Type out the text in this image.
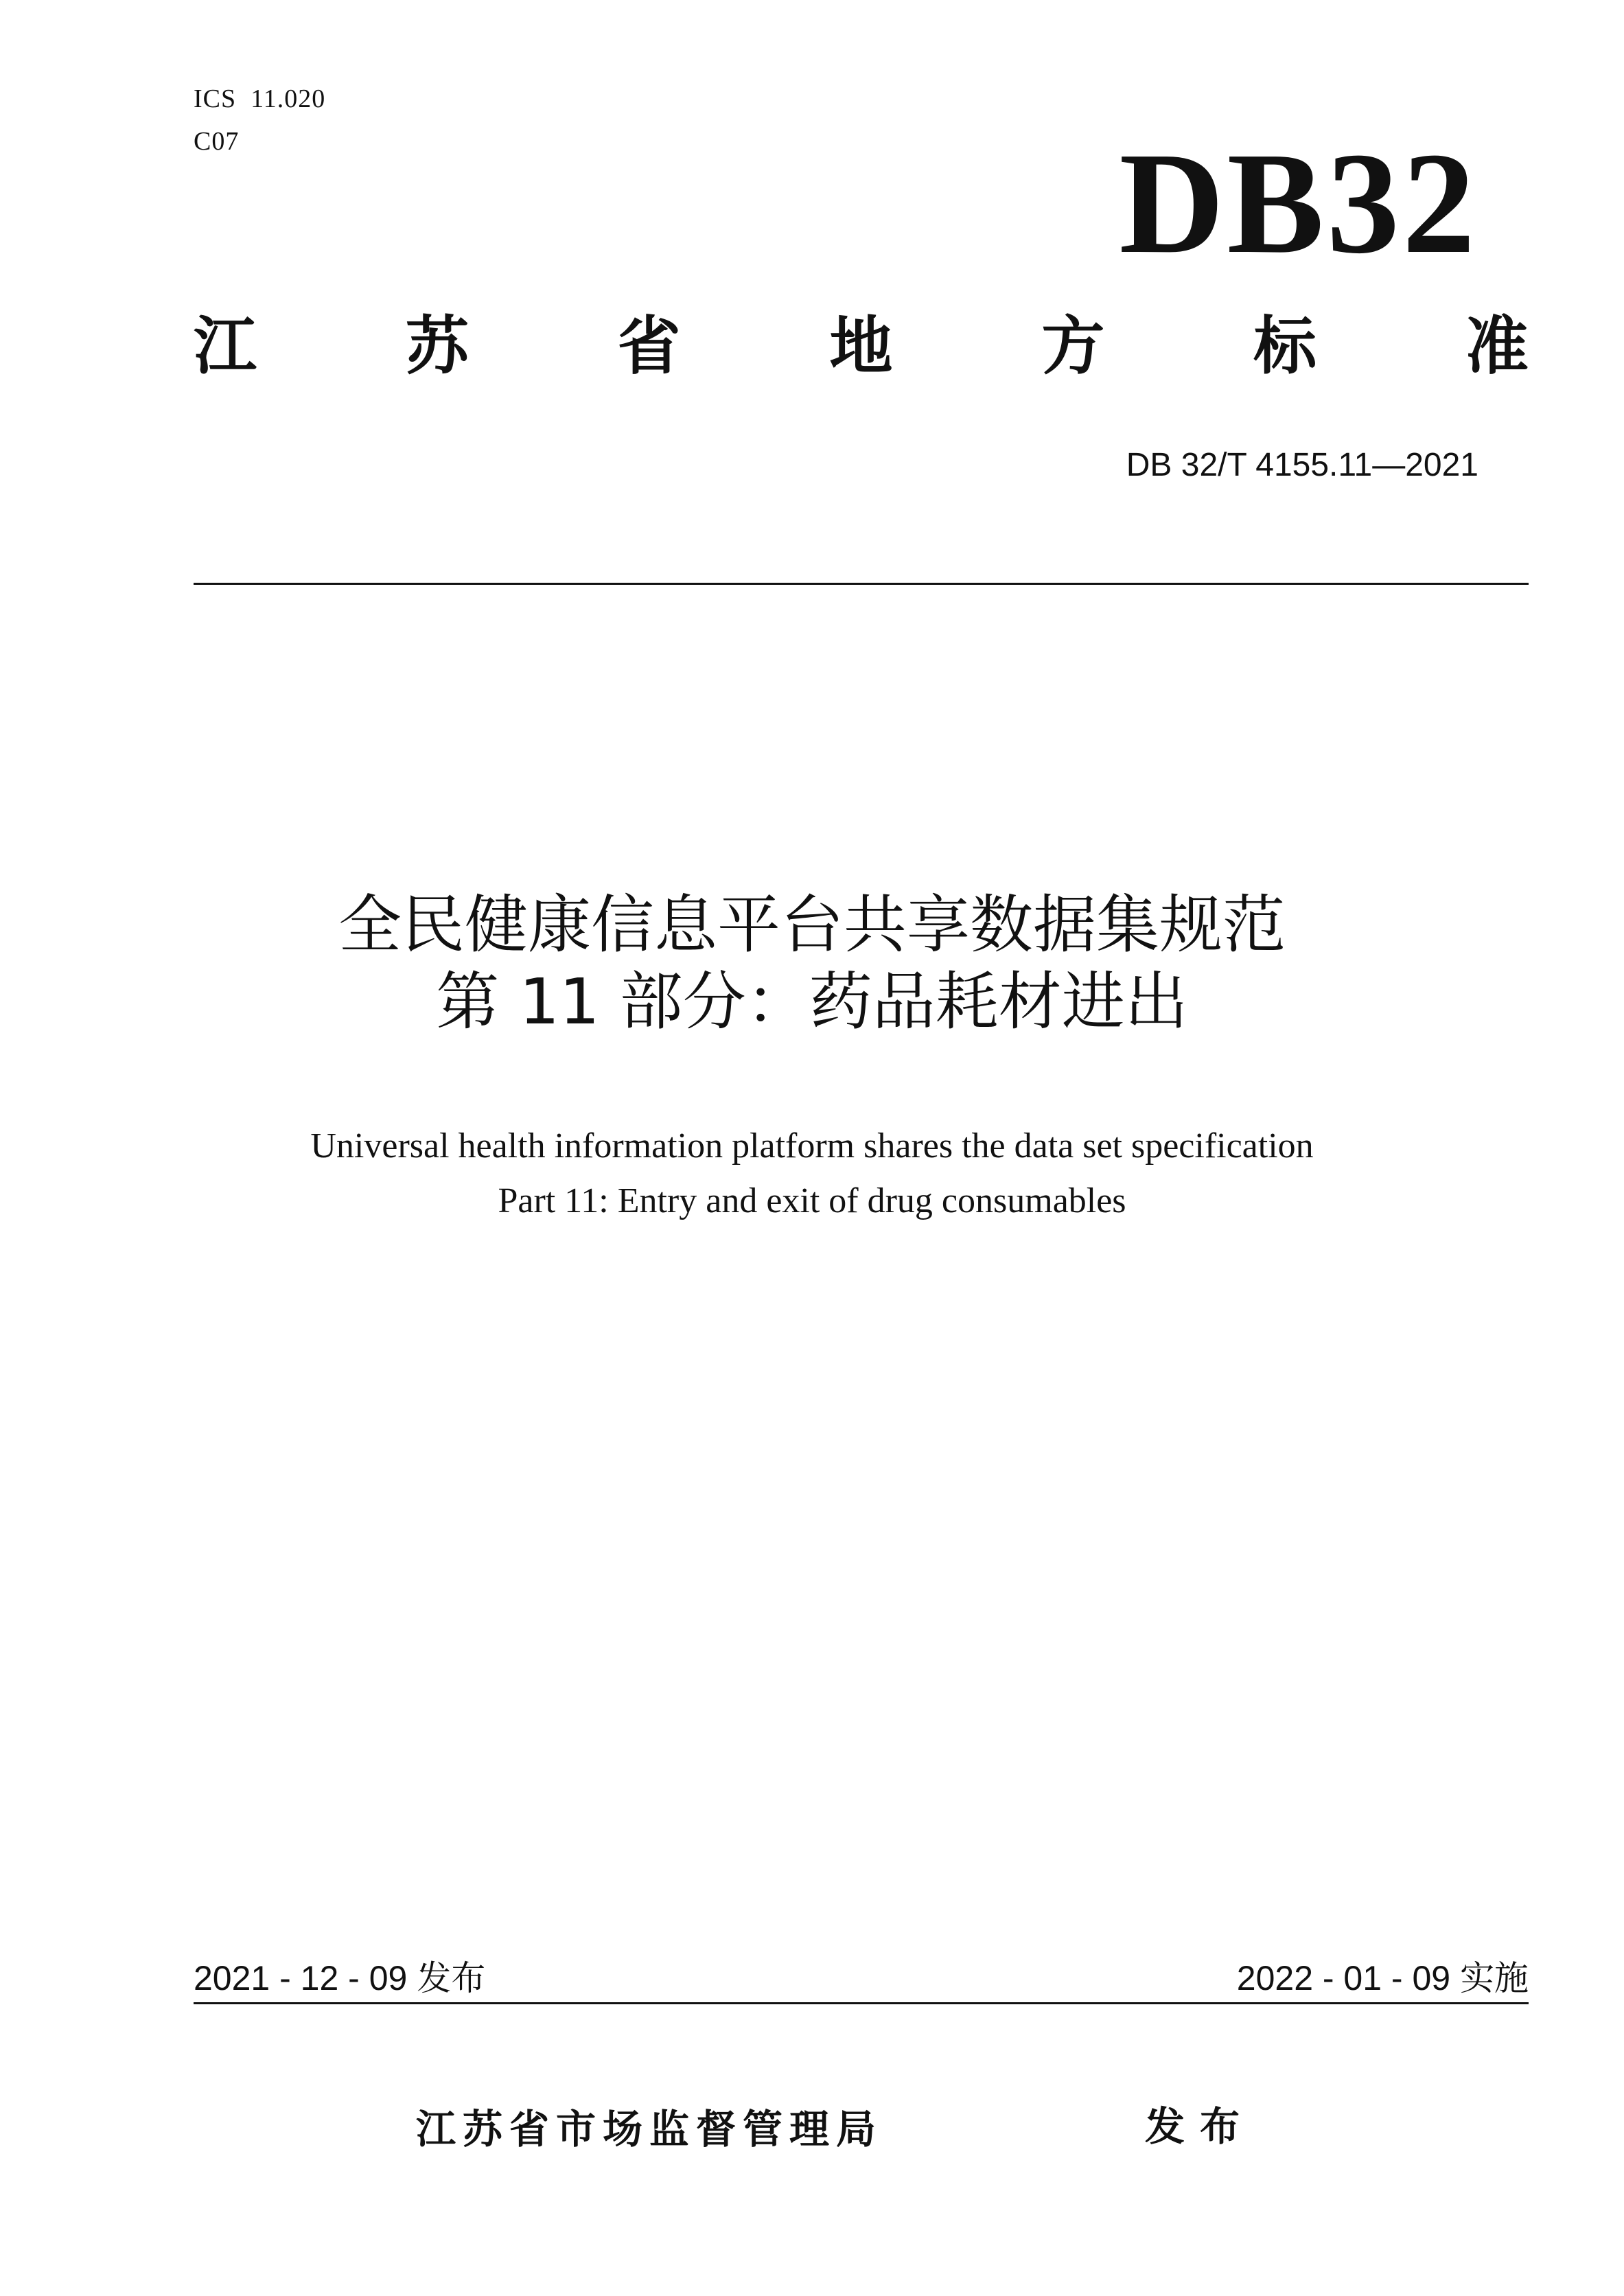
ICS  11.020
C07	DB32
江 苏 省 地 方 标 准
DB 32/T 4155.11—2021
全民健康信息平台共享数据集规范
第 11 部分：药品耗材进出
Universal health information platform shares the data set specification
Part 11: Entry and exit of drug consumables
2021 - 12 - 09 发布	2022 - 01 - 09 实施
江苏省市场监督管理局	发布
